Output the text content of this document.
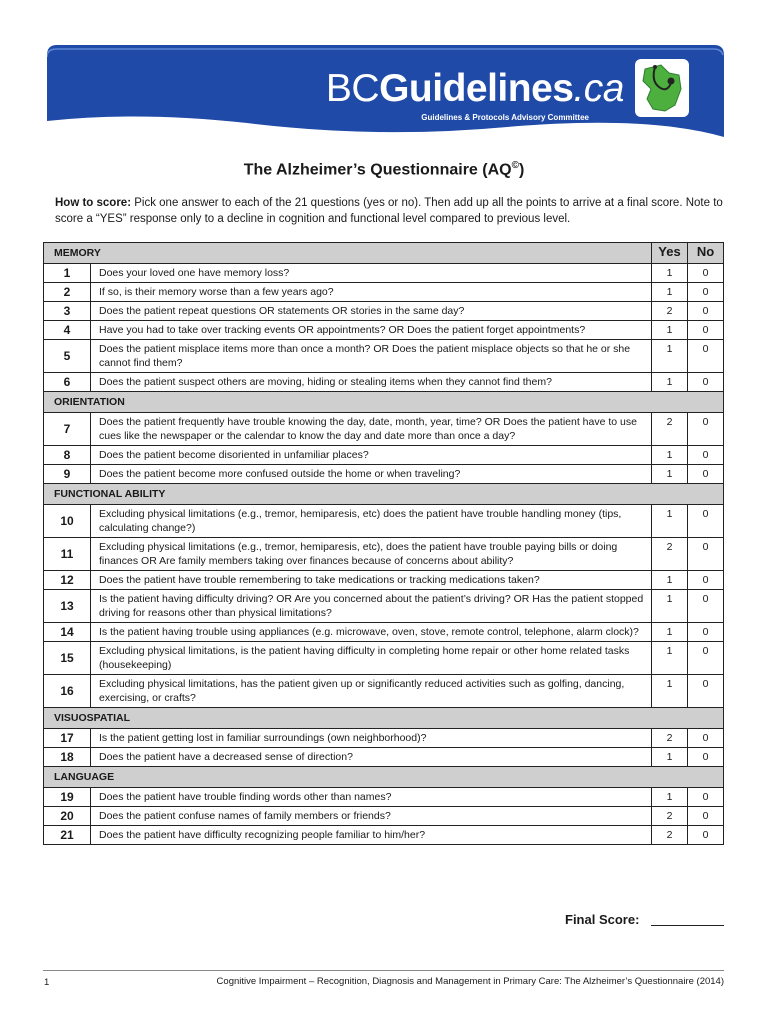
BCGuidelines.ca
Guidelines & Protocols Advisory Committee
The Alzheimer’s Questionnaire (AQ©)
How to score: Pick one answer to each of the 21 questions (yes or no). Then add up all the points to arrive at a final score. Note to score a “YES” response only to a decline in cognition and functional level compared to previous level.
MEMORY		Yes	No
1	Does your loved one have memory loss?	1	0
2	If so, is their memory worse than a few years ago?	1	0
3	Does the patient repeat questions OR statements OR stories in the same day?	2	0
4	Have you had to take over tracking events OR appointments? OR Does the patient forget appointments?	1	0
5	Does the patient misplace items more than once a month? OR Does the patient misplace objects so that he or she cannot find them?	1	0
6	Does the patient suspect others are moving, hiding or stealing items when they cannot find them?	1	0
ORIENTATION			
7	Does the patient frequently have trouble knowing the day, date, month, year, time? OR Does the patient have to use cues like the newspaper or the calendar to know the day and date more than once a day?	2	0
8	Does the patient become disoriented in unfamiliar places?	1	0
9	Does the patient become more confused outside the home or when traveling?	1	0
FUNCTIONAL ABILITY			
10	Excluding physical limitations (e.g., tremor, hemiparesis, etc) does the patient have trouble handling money (tips, calculating change?)	1	0
11	Excluding physical limitations (e.g., tremor, hemiparesis, etc), does the patient have trouble paying bills or doing finances OR Are family members taking over finances because of concerns about ability?	2	0
12	Does the patient have trouble remembering to take medications or tracking medications taken?	1	0
13	Is the patient having difficulty driving? OR Are you concerned about the patient’s driving? OR Has the patient stopped driving for reasons other than physical limitations?	1	0
14	Is the patient having trouble using appliances (e.g. microwave, oven, stove, remote control, telephone, alarm clock)?	1	0
15	Excluding physical limitations, is the patient having difficulty in completing home repair or other home related tasks (housekeeping)	1	0
16	Excluding physical limitations, has the patient given up or significantly reduced activities such as golfing, dancing, exercising, or crafts?	1	0
VISUOSPATIAL			
17	Is the patient getting lost in familiar surroundings (own neighborhood)?	2	0
18	Does the patient have a decreased sense of direction?	1	0
LANGUAGE			
19	Does the patient have trouble finding words other than names?	1	0
20	Does the patient confuse names of family members or friends?	2	0
21	Does the patient have difficulty recognizing people familiar to him/her?	2	0
Final Score:
1	Cognitive Impairment – Recognition, Diagnosis and Management in Primary Care: The Alzheimer’s Questionnaire (2014)
